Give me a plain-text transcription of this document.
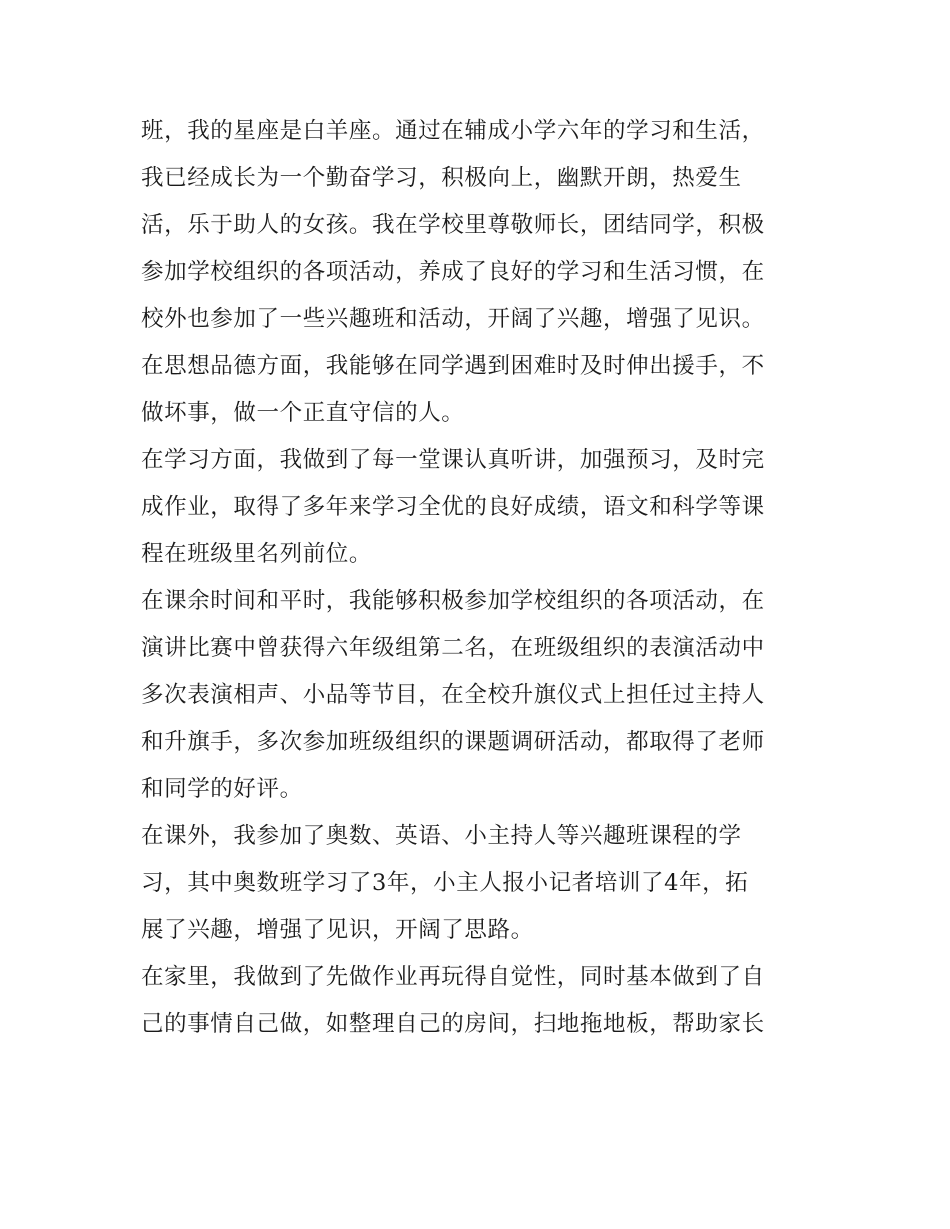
班，我的星座是白羊座。通过在辅成小学六年的学习和生活，
我已经成长为一个勤奋学习，积极向上，幽默开朗，热爱生
活，乐于助人的女孩。我在学校里尊敬师长，团结同学，积极
参加学校组织的各项活动，养成了良好的学习和生活习惯，在
校外也参加了一些兴趣班和活动，开阔了兴趣，增强了见识。
在思想品德方面，我能够在同学遇到困难时及时伸出援手，不
做坏事，做一个正直守信的人。
在学习方面，我做到了每一堂课认真听讲，加强预习，及时完
成作业，取得了多年来学习全优的良好成绩，语文和科学等课
程在班级里名列前位。
在课余时间和平时，我能够积极参加学校组织的各项活动，在
演讲比赛中曾获得六年级组第二名，在班级组织的表演活动中
多次表演相声、小品等节目，在全校升旗仪式上担任过主持人
和升旗手，多次参加班级组织的课题调研活动，都取得了老师
和同学的好评。
在课外，我参加了奥数、英语、小主持人等兴趣班课程的学
习，其中奥数班学习了3年，小主人报小记者培训了4年，拓
展了兴趣，增强了见识，开阔了思路。
在家里，我做到了先做作业再玩得自觉性，同时基本做到了自
己的事情自己做，如整理自己的房间，扫地拖地板，帮助家长
